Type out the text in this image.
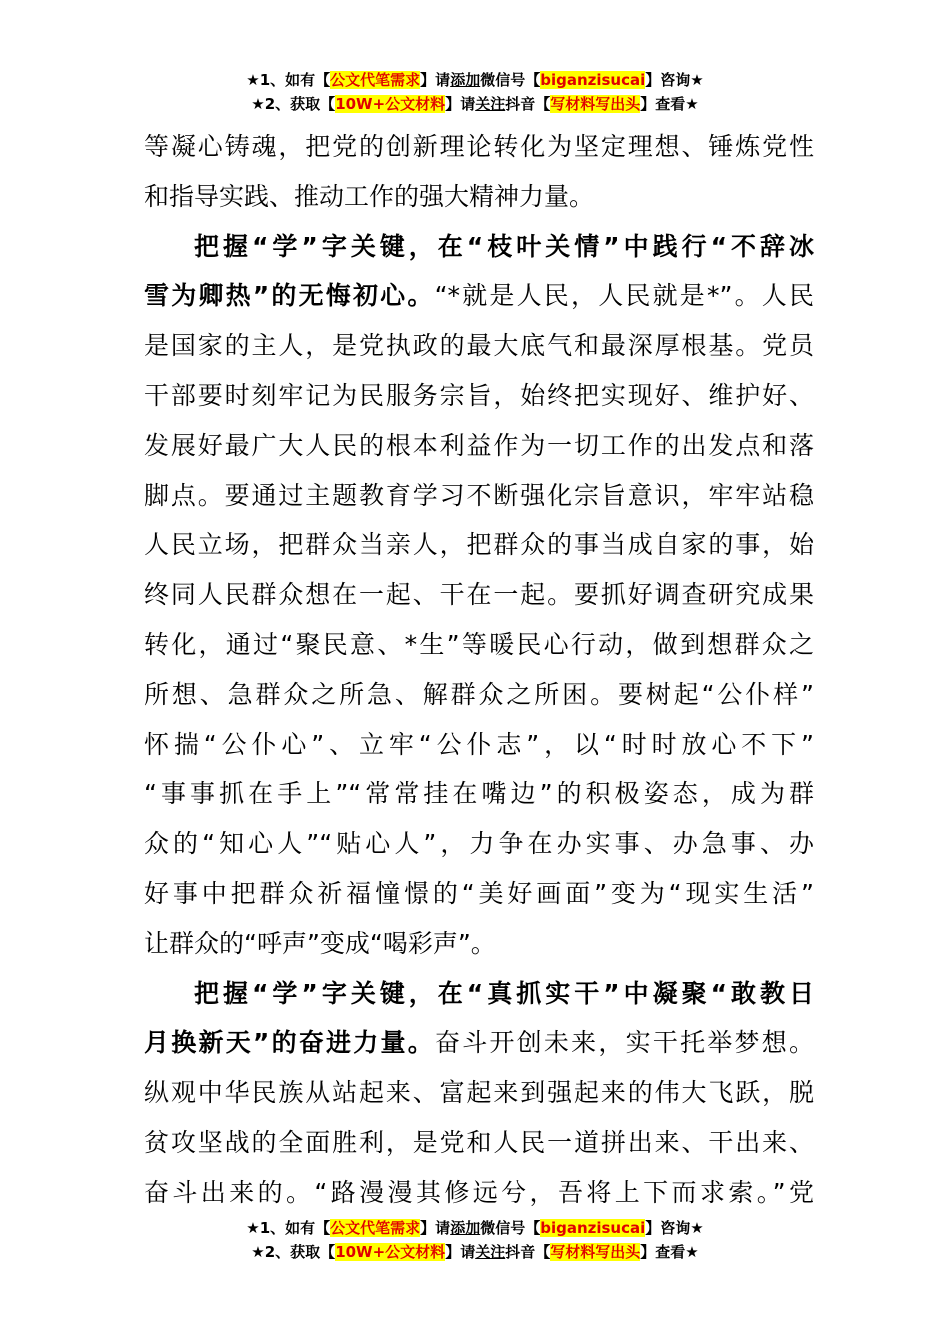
★1、如有【公文代笔需求】请添加微信号【biganzisucai】咨询★
★2、获取【10W+公文材料】请关注抖音【写材料写出头】查看★
等凝心铸魂，把党的创新理论转化为坚定理想、锤炼党性
和指导实践、推动工作的强大精神力量。
把握“学”字关键，在“枝叶关情”中践行“不辞冰
雪为卿热”的无悔初心。“*就是人民，人民就是*”。人民
是国家的主人，是党执政的最大底气和最深厚根基。党员
干部要时刻牢记为民服务宗旨，始终把实现好、维护好、
发展好最广大人民的根本利益作为一切工作的出发点和落
脚点。要通过主题教育学习不断强化宗旨意识，牢牢站稳
人民立场，把群众当亲人，把群众的事当成自家的事，始
终同人民群众想在一起、干在一起。要抓好调查研究成果
转化，通过“聚民意、*生”等暖民心行动，做到想群众之
所想、急群众之所急、解群众之所困。要树起“公仆样”
怀揣“公仆心”、立牢“公仆志”，以“时时放心不下”
“事事抓在手上”“常常挂在嘴边”的积极姿态，成为群
众的“知心人”“贴心人”，力争在办实事、办急事、办
好事中把群众祈福憧憬的“美好画面”变为“现实生活”
让群众的“呼声”变成“喝彩声”。
把握“学”字关键，在“真抓实干”中凝聚“敢教日
月换新天”的奋进力量。奋斗开创未来，实干托举梦想。
纵观中华民族从站起来、富起来到强起来的伟大飞跃，脱
贫攻坚战的全面胜利，是党和人民一道拼出来、干出来、
奋斗出来的。“路漫漫其修远兮，吾将上下而求索。”党
★1、如有【公文代笔需求】请添加微信号【biganzisucai】咨询★
★2、获取【10W+公文材料】请关注抖音【写材料写出头】查看★
